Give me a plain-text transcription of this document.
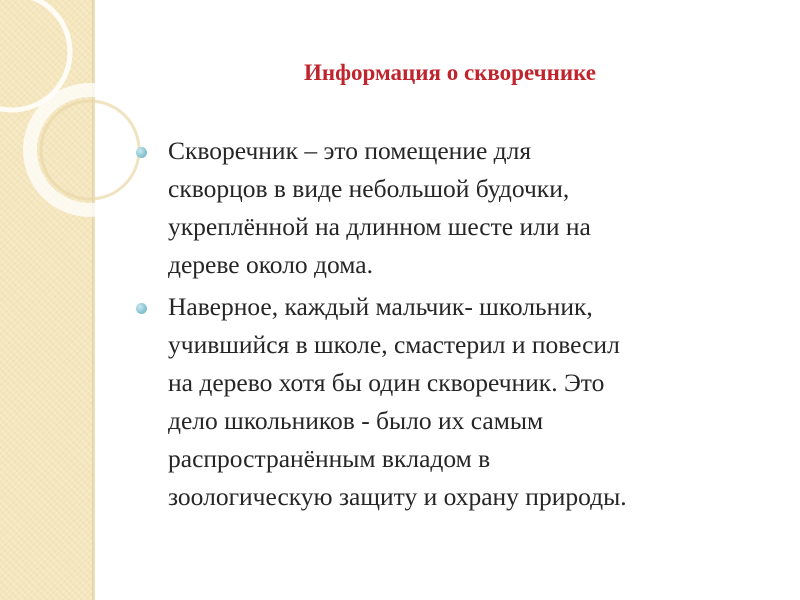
Информация о скворечнике
Скворечник – это помещение для
скворцов в виде небольшой будочки,
укреплённой на длинном шесте или на
дереве около дома.
Наверное, каждый мальчик- школьник,
учившийся в школе, смастерил и повесил
на дерево хотя бы один скворечник. Это
дело школьников - было их самым
распространённым вкладом в
зоологическую защиту и охрану природы.
